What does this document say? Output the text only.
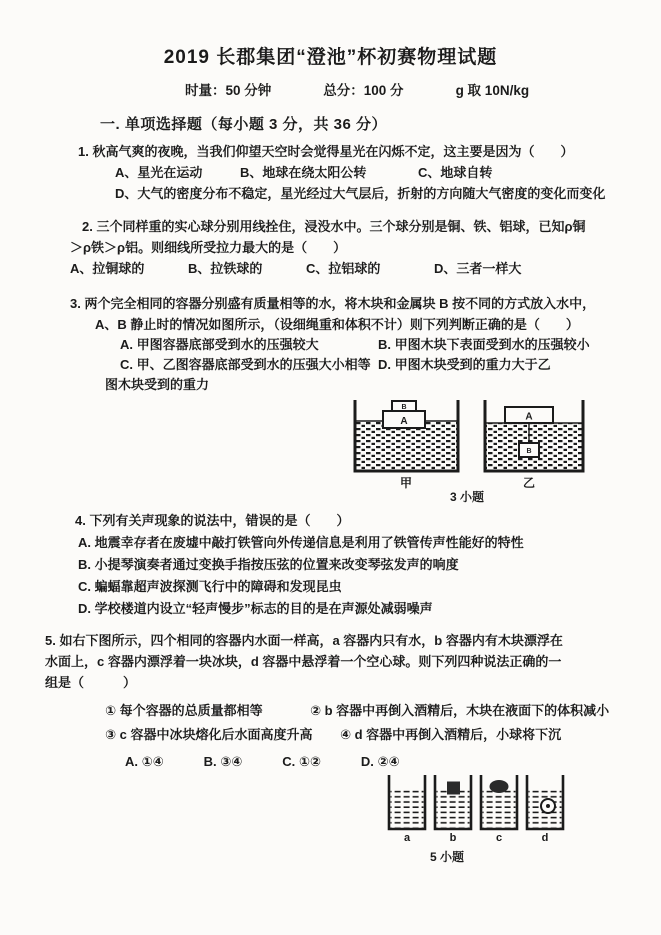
2019 长郡集团“澄池”杯初赛物理试题
时量：50 分钟	总分：100 分	g 取 10N/kg
一. 单项选择题（每小题 3 分，共 36 分）
1. 秋高气爽的夜晚，当我们仰望天空时会觉得星光在闪烁不定，这主要是因为（　　）
A、星光在运动	B、地球在绕太阳公转	C、地球自转
D、大气的密度分布不稳定，星光经过大气层后，折射的方向随大气密度的变化而变化
2. 三个同样重的实心球分别用线拴住，浸没水中。三个球分别是铜、铁、铝球，已知ρ铜
＞ρ铁＞ρ铝。则细线所受拉力最大的是（　　）
A、拉铜球的	B、拉铁球的	C、拉铝球的	D、三者一样大
3. 两个完全相同的容器分别盛有质量相等的水，将木块和金属块 B 按不同的方式放入水中，
A、B 静止时的情况如图所示，（设细绳重和体积不计）则下列判断正确的是（　　）
A. 甲图容器底部受到水的压强较大	B. 甲图木块下表面受到水的压强较小
C. 甲、乙图容器底部受到水的压强大小相等 D. 甲图木块受到的重力大于乙
图木块受到的重力
A
B
甲
A
B
乙
3 小题
4. 下列有关声现象的说法中，错误的是（　　）
A. 地震幸存者在废墟中敲打铁管向外传递信息是利用了铁管传声性能好的特性
B. 小提琴演奏者通过变换手指按压弦的位置来改变琴弦发声的响度
C. 蝙蝠靠超声波探测飞行中的障碍和发现昆虫
D. 学校楼道内设立“轻声慢步”标志的目的是在声源处减弱噪声
5. 如右下图所示，四个相同的容器内水面一样高，a 容器内只有水，b 容器内有木块漂浮在
水面上，c 容器内漂浮着一块冰块，d 容器中悬浮着一个空心球。则下列四种说法正确的一
组是（　　　）
① 每个容器的总质量都相等	② b 容器中再倒入酒精后，木块在液面下的体积减小
③ c 容器中冰块熔化后水面高度升高	④ d 容器中再倒入酒精后，小球将下沉
A. ①④	B. ③④	C. ①②	D. ②④
a	b	c	d
5 小题
